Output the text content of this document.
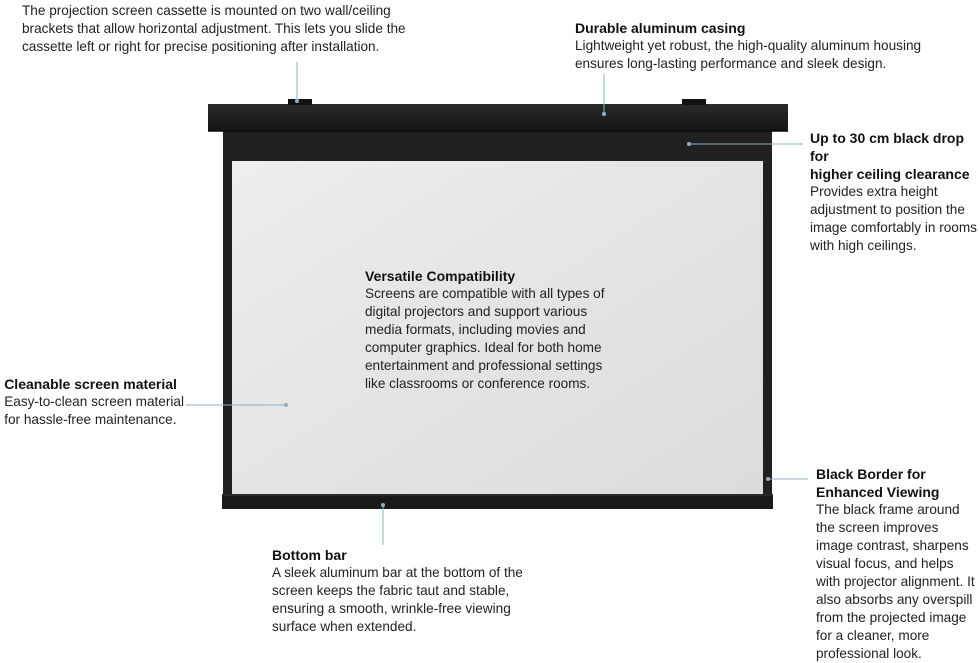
The projection screen cassette is mounted on two wall/ceiling
brackets that allow horizontal adjustment. This lets you slide the
cassette left or right for precise positioning after installation.

Durable aluminum casing

Lightweight yet robust, the high-quality aluminum housing
ensures long-lasting performance and sleek design.

Up to 30 cm black drop for
higher ceiling clearance

Provides extra height
adjustment to position the
image comfortably in rooms
with high ceilings.

Versatile Compatibility

Screens are compatible with all types of
digital projectors and support various
media formats, including movies and
computer graphics. Ideal for both home
entertainment and professional settings
like classrooms or conference rooms.

Cleanable screen material

Easy-to-clean screen material
for hassle-free maintenance.

Black Border for
Enhanced Viewing

The black frame around
the screen improves
image contrast, sharpens
visual focus, and helps
with projector alignment. It
also absorbs any overspill
from the projected image
for a cleaner, more
professional look.

Bottom bar

A sleek aluminum bar at the bottom of the
screen keeps the fabric taut and stable,
ensuring a smooth, wrinkle-free viewing
surface when extended.
